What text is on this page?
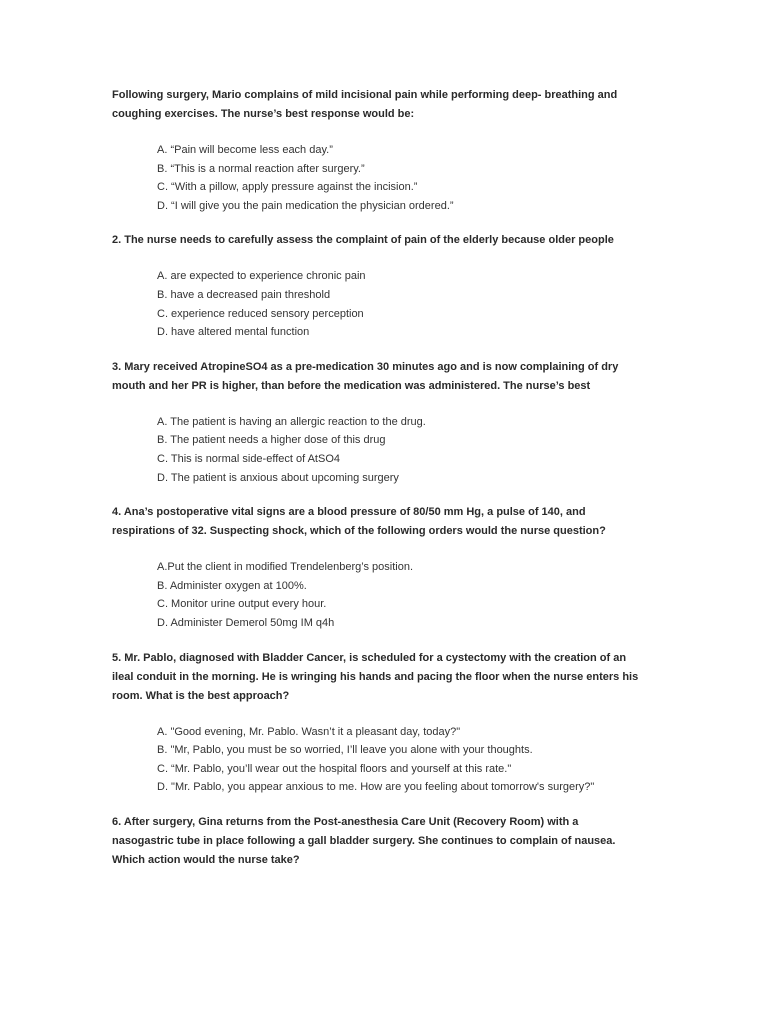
Following surgery, Mario complains of mild incisional pain while performing deep- breathing and coughing exercises. The nurse’s best response would be:

A. “Pain will become less each day.”
B. “This is a normal reaction after surgery.”
C. “With a pillow, apply pressure against the incision.”
D. “I will give you the pain medication the physician ordered.”

2. The nurse needs to carefully assess the complaint of pain of the elderly because older people

A. are expected to experience chronic pain
B. have a decreased pain threshold
C. experience reduced sensory perception
D. have altered mental function

3. Mary received AtropineSO4 as a pre-medication 30 minutes ago and is now complaining of dry mouth and her PR is higher, than before the medication was administered. The nurse’s best

A. The patient is having an allergic reaction to the drug.
B. The patient needs a higher dose of this drug
C. This is normal side-effect of AtSO4
D. The patient is anxious about upcoming surgery

4. Ana’s postoperative vital signs are a blood pressure of 80/50 mm Hg, a pulse of 140, and respirations of 32. Suspecting shock, which of the following orders would the nurse question?

A.Put the client in modified Trendelenberg’s position.
B. Administer oxygen at 100%.
C. Monitor urine output every hour.
D. Administer Demerol 50mg IM q4h

5. Mr. Pablo, diagnosed with Bladder Cancer, is scheduled for a cystectomy with the creation of an ileal conduit in the morning. He is wringing his hands and pacing the floor when the nurse enters his room. What is the best approach?

A. "Good evening, Mr. Pablo. Wasn’t it a pleasant day, today?"
B. "Mr, Pablo, you must be so worried, I’ll leave you alone with your thoughts.
C. “Mr. Pablo, you’ll wear out the hospital floors and yourself at this rate."
D. "Mr. Pablo, you appear anxious to me. How are you feeling about tomorrow's surgery?"

6. After surgery, Gina returns from the Post-anesthesia Care Unit (Recovery Room) with a nasogastric tube in place following a gall bladder surgery. She continues to complain of nausea. Which action would the nurse take?
